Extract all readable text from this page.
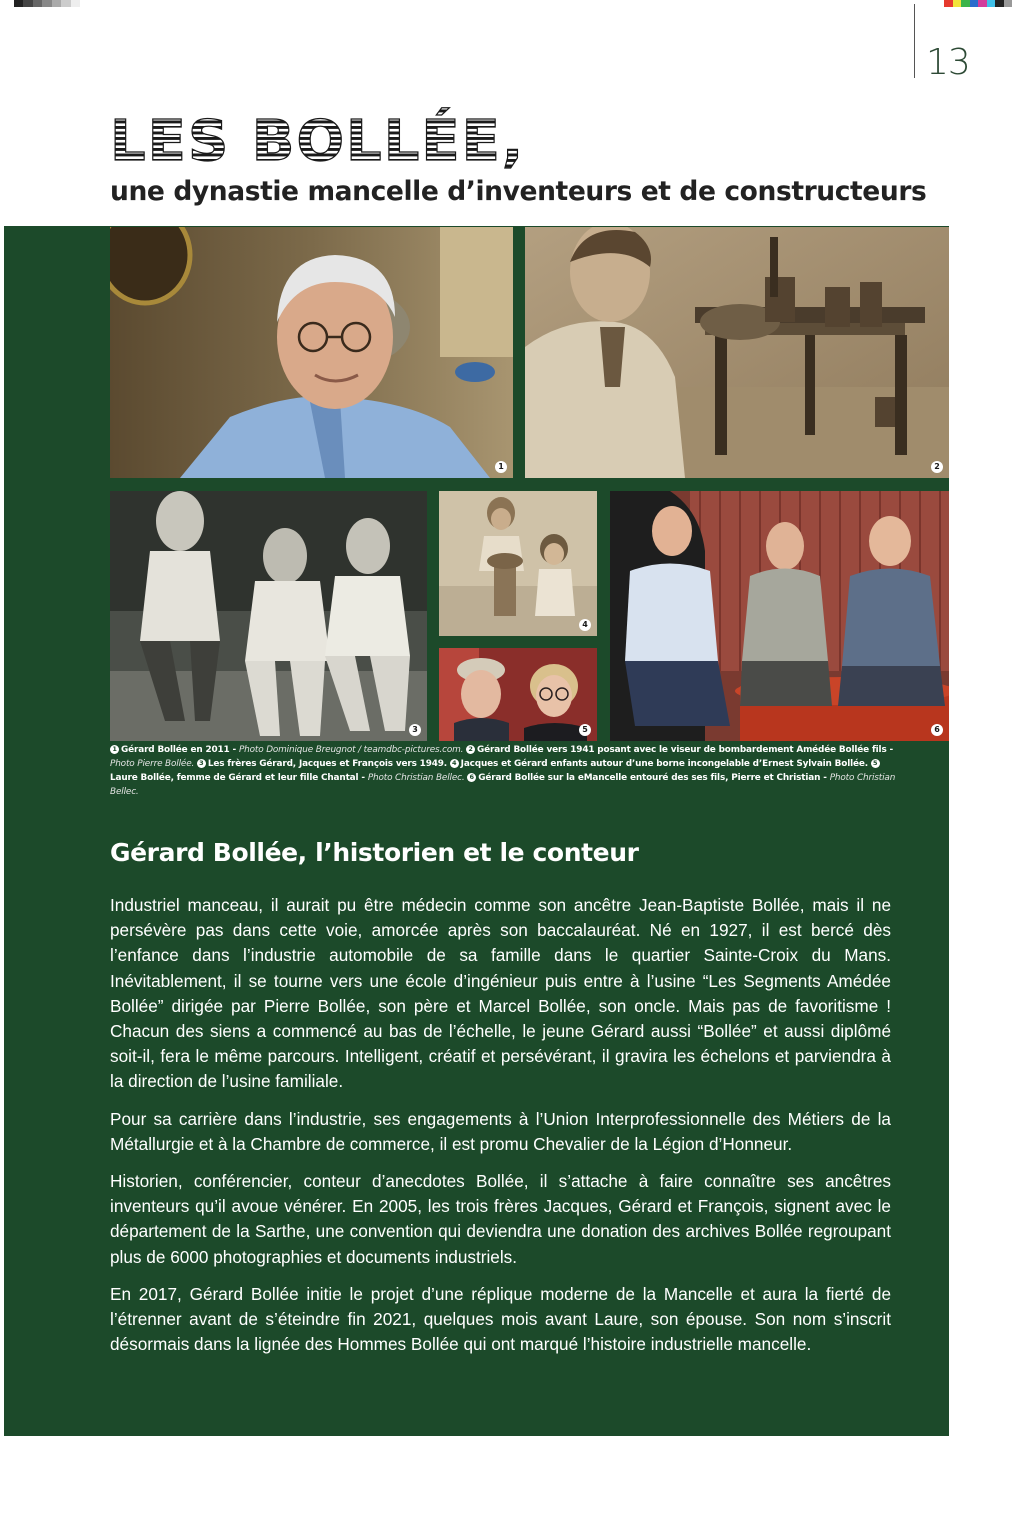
13
LES BOLLÉE,
une dynastie mancelle d’inventeurs et de constructeurs
1	2
3
4
5	6
1 Gérard Bollée en 2011 - Photo Dominique Breugnot / teamdbc-pictures.com. 2 Gérard Bollée vers 1941 posant avec le viseur de bombardement Amédée Bollée fils - Photo Pierre Bollée. 3 Les frères Gérard, Jacques et François vers 1949. 4 Jacques et Gérard enfants autour d’une borne incongelable d’Ernest Sylvain Bollée. 5Laure Bollée, femme de Gérard et leur fille Chantal - Photo Christian Bellec. 6 Gérard Bollée sur la eMancelle entouré des ses fils, Pierre et Christian - Photo Christian Bellec.
Gérard Bollée, l’historien et le conteur

Industriel manceau, il aurait pu être médecin comme son ancêtre Jean-Baptiste Bollée, mais il ne persévère pas dans cette voie, amorcée après son baccalauréat. Né en 1927, il est bercé dès l’enfance dans l’industrie automobile de sa famille dans le quartier Sainte-Croix du Mans. Inévitablement, il se tourne vers une école d’ingénieur puis entre à l’usine “Les Segments Amédée Bollée” dirigée par Pierre Bollée, son père et Marcel Bollée, son oncle. Mais pas de favoritisme ! Chacun des siens a commencé au bas de l’échelle, le jeune Gérard aussi “Bollée” et aussi diplômé soit-il, fera le même parcours. Intelligent, créatif et persévérant, il gravira les échelons et parviendra à la direction de l’usine familiale.

Pour sa carrière dans l’industrie, ses engagements à l’Union Interprofessionnelle des Métiers de la Métallurgie et à la Chambre de commerce, il est promu Chevalier de la Légion d’Honneur.

Historien, conférencier, conteur d’anecdotes Bollée, il s’attache à faire connaître ses ancêtres inventeurs qu’il avoue vénérer. En 2005, les trois frères Jacques, Gérard et François, signent avec le département de la Sarthe, une convention qui deviendra une donation des archives Bollée regroupant plus de 6000 photographies et documents industriels.

En 2017, Gérard Bollée initie le projet d’une réplique moderne de la Mancelle et aura la fierté de l’étrenner avant de s’éteindre fin 2021, quelques mois avant Laure, son épouse. Son nom s’inscrit désormais dans la lignée des Hommes Bollée qui ont marqué l’histoire industrielle mancelle.
